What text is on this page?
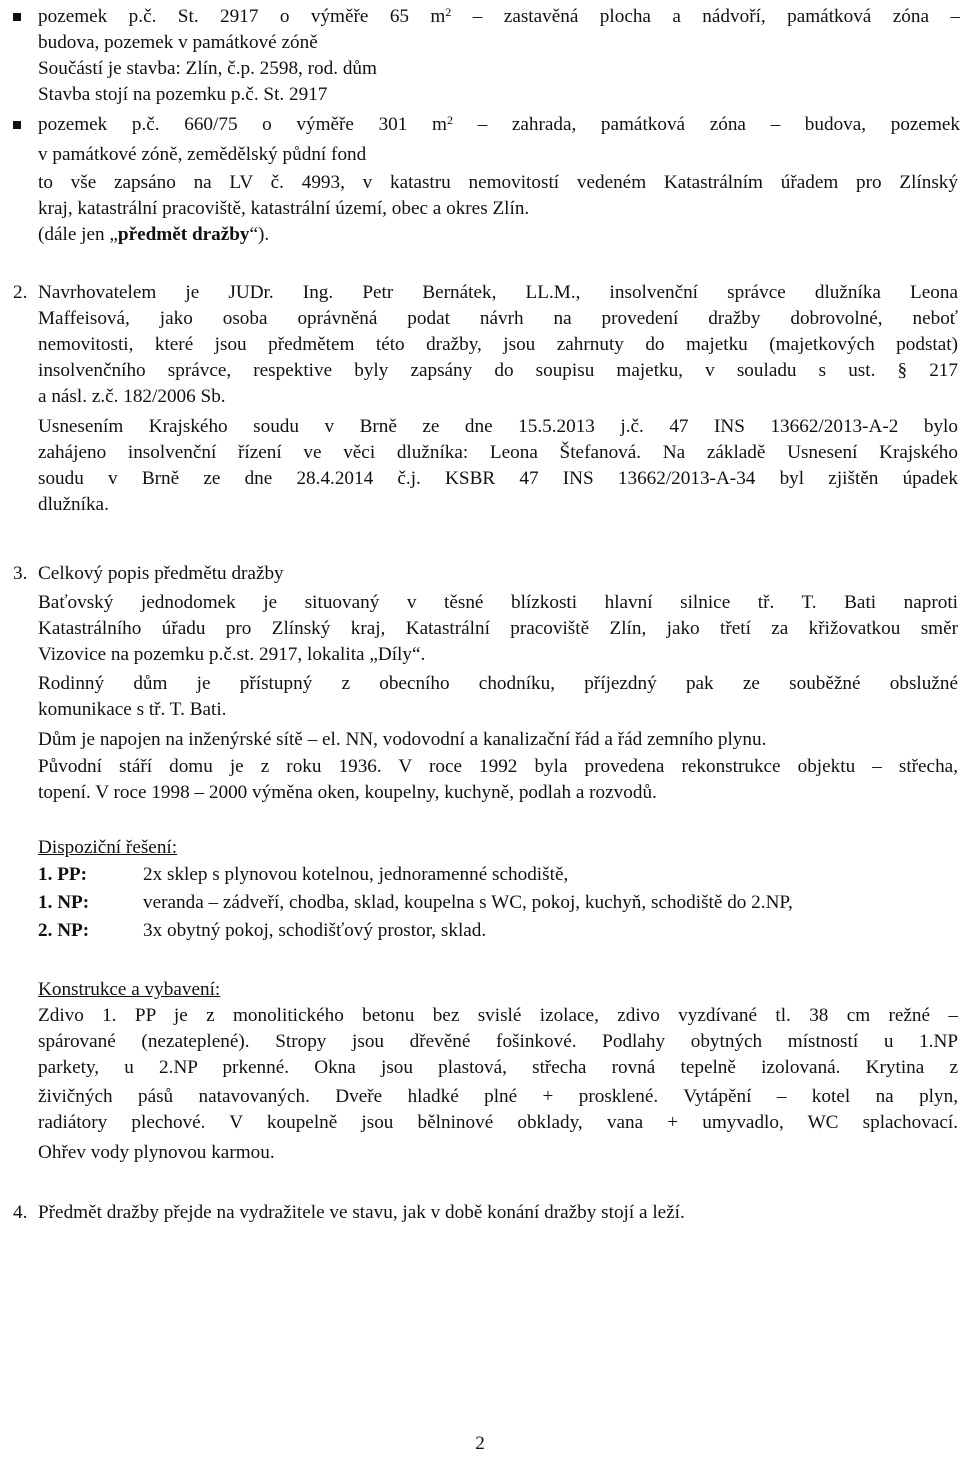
pozemek p.č. St. 2917 o výměře 65 $m^2$ – zastavěná plocha a nádvoří, památková zóna –
budova, pozemek v památkové zóně
Součástí je stavba: Zlín, č.p. 2598, rod. dům
Stavba stojí na pozemku p.č. St. 2917
pozemek p.č. 660/75 o výměře 301 $m^2$ – zahrada, památková zóna – budova, pozemek
v památkové zóně, zemědělský půdní fond
to vše zapsáno na LV č. 4993, v katastru nemovitostí vedeném Katastrálním úřadem pro Zlínský
kraj, katastrální pracoviště, katastrální území, obec a okres Zlín.
(dále jen „předmět dražby“).
2. Navrhovatelem je JUDr. Ing. Petr Bernátek, LL.M., insolvenční správce dlužníka Leona
Maffeisová, jako osoba oprávněná podat návrh na provedení dražby dobrovolné, neboť
nemovitosti, které jsou předmětem této dražby, jsou zahrnuty do majetku (majetkových podstat)
insolvenčního správce, respektive byly zapsány do soupisu majetku, v souladu s ust. § 217
a násl. z.č. 182/2006 Sb.
Usnesením Krajského soudu v Brně ze dne 15.5.2013 j.č. 47 INS 13662/2013-A-2 bylo
zahájeno insolvenční řízení ve věci dlužníka: Leona Štefanová. Na základě Usnesení Krajského
soudu v Brně ze dne 28.4.2014 č.j. KSBR 47 INS 13662/2013-A-34 byl zjištěn úpadek
dlužníka.
3. Celkový popis předmětu dražby
Baťovský jednodomek je situovaný v těsné blízkosti hlavní silnice tř. T. Bati naproti
Katastrálního úřadu pro Zlínský kraj, Katastrální pracoviště Zlín, jako třetí za křižovatkou směr
Vizovice na pozemku p.č.st. 2917, lokalita „Díly“.
Rodinný dům je přístupný z obecního chodníku, příjezdný pak ze souběžné obslužné
komunikace s tř. T. Bati.
Dům je napojen na inženýrské sítě – el. NN, vodovodní a kanalizační řád a řád zemního plynu.
Původní stáří domu je z roku 1936. V roce 1992 byla provedena rekonstrukce objektu – střecha,
topení. V roce 1998 – 2000 výměna oken, koupelny, kuchyně, podlah a rozvodů.
Dispoziční řešení:
1. PP:	2x sklep s plynovou kotelnou, jednoramenné schodiště,
1. NP:	veranda – zádveří, chodba, sklad, koupelna s WC, pokoj, kuchyň, schodiště do 2.NP,
2. NP:	3x obytný pokoj, schodišťový prostor, sklad.
Konstrukce a vybavení:
Zdivo 1. PP je z monolitického betonu bez svislé izolace, zdivo vyzdívané tl. 38 cm režné –
spárované (nezateplené). Stropy jsou dřevěné fošinkové. Podlahy obytných místností u 1.NP
parkety, u 2.NP prkenné. Okna jsou plastová, střecha rovná tepelně izolovaná. Krytina z
živičných pásů natavovaných. Dveře hladké plné + prosklené. Vytápění – kotel na plyn,
radiátory plechové. V koupelně jsou bělninové obklady, vana + umyvadlo, WC splachovací.
Ohřev vody plynovou karmou.
4. Předmět dražby přejde na vydražitele ve stavu, jak v době konání dražby stojí a leží.
2
